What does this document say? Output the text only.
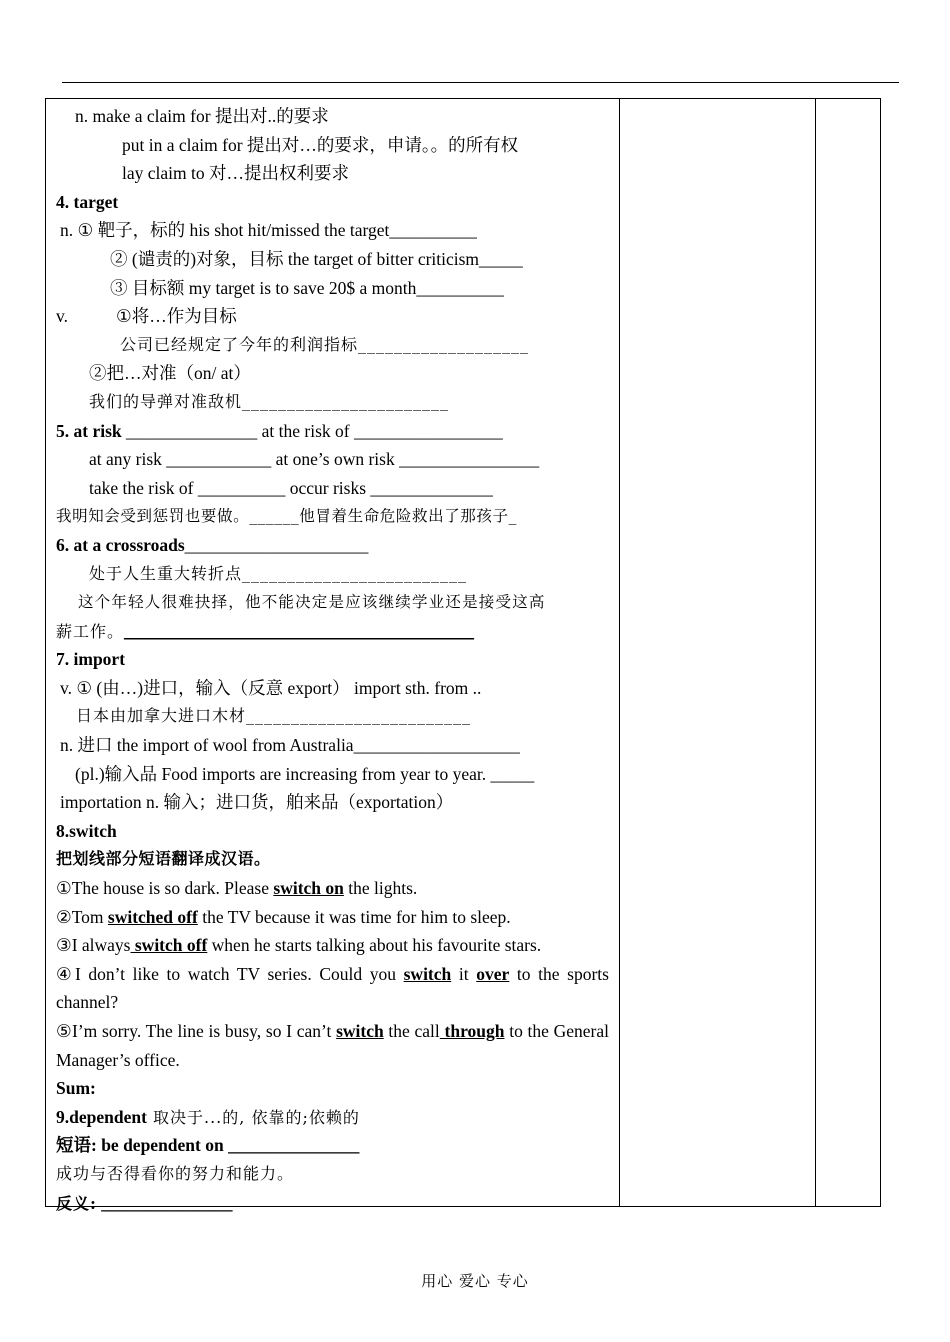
n. make a claim for 提出对..的要求
put in a claim for 提出对…的要求，申请。。的所有权
lay claim to 对…提出权利要求
4. target
n. ① 靶子，标的 his shot hit/missed the target__________
② (谴责的)对象，目标 the target of bitter criticism_____
③ 目标额 my target is to save 20$ a month__________
v.	①将…作为目标
公司已经规定了今年的利润指标___________________
②把…对准（on/ at）
我们的导弹对准敌机_______________________
5. at risk _______________ at the risk of _________________
at any risk ____________ at one’s own risk ________________
take the risk of __________ occur risks ______________
我明知会受到惩罚也要做。______他冒着生命危险救出了那孩子_
6. at a crossroads_____________________
处于人生重大转折点_________________________
这个年轻人很难抉择，他不能决定是应该继续学业还是接受这高
薪工作。________________________________________
7. import
v. ① (由…)进口，输入（反意 export） import sth. from ..
日本由加拿大进口木材_________________________
n. 进口 the import of wool from Australia___________________
(pl.)输入品 Food imports are increasing from year to year. _____
importation n. 输入；进口货，舶来品（exportation）
8.switch
把划线部分短语翻译成汉语。
①The house is so dark. Please switch on the lights.
②Tom switched off the TV because it was time for him to sleep.
③I always switch off when he starts talking about his favourite stars.
④I don’t like to watch TV series. Could you switch it over to the sports channel?
⑤I’m sorry. The line is busy, so I can’t switch the call through to the General Manager’s office.
Sum:
9.dependent 取决于...的, 依靠的;依赖的
短语: be dependent on _______________
成功与否得看你的努力和能力。
反义: _______________
用心 爱心 专心
